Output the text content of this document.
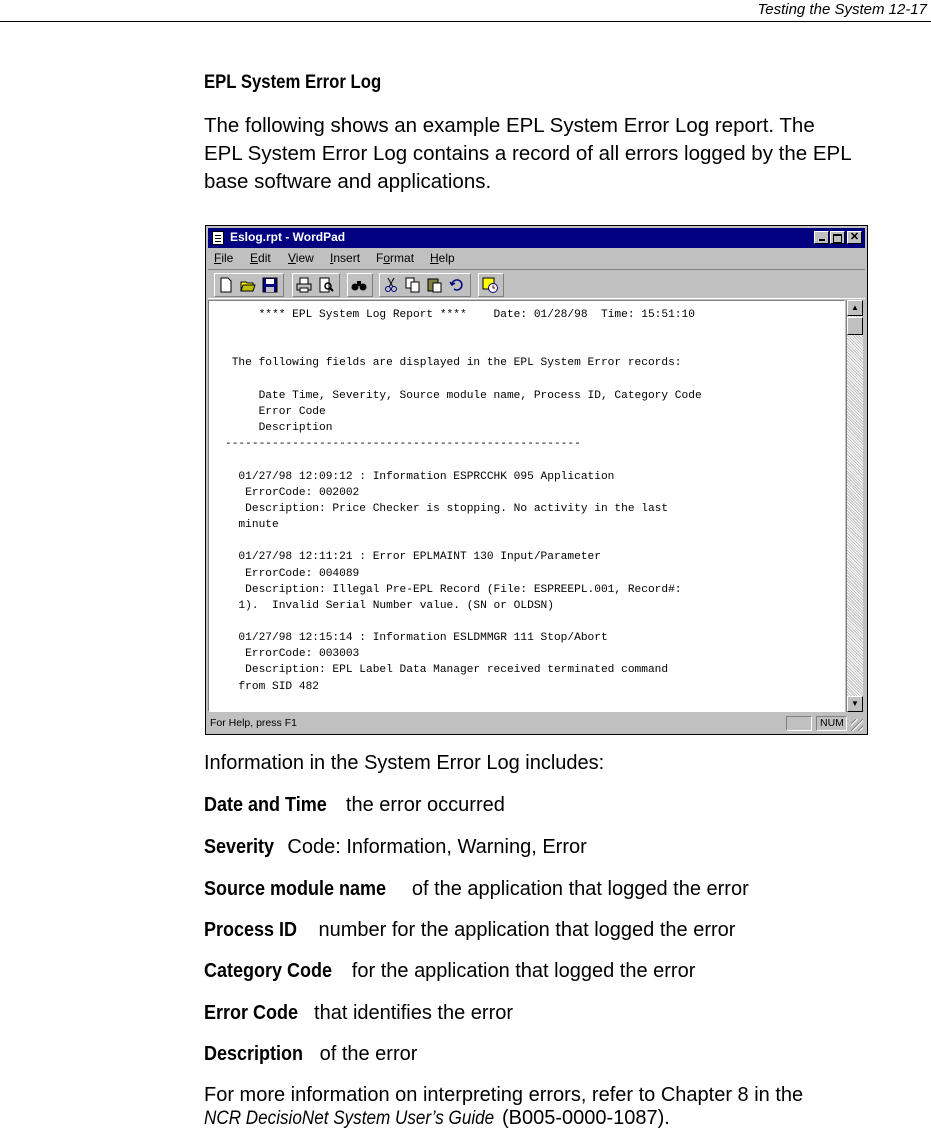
Testing the System 12-17
EPL System Error Log
The following shows an example EPL System Error Log report. The
EPL System Error Log contains a record of all errors logged by the EPL
base software and applications.
Eslog.rpt - WordPad	✕
File Edit View Insert Format Help
**** EPL System Log Report ****    Date: 01/28/98  Time: 15:51:10

The following fields are displayed in the EPL System Error records:

Date Time, Severity, Source module name, Process ID, Category Code
Error Code
Description
-----------------------------------------------------

01/27/98 12:09:12 : Information ESPRCCHK 095 Application
ErrorCode: 002002
Description: Price Checker is stopping. No activity in the last
minute

01/27/98 12:11:21 : Error EPLMAINT 130 Input/Parameter
ErrorCode: 004089
Description: Illegal Pre-EPL Record (File: ESPREEPL.001, Record#:
1).  Invalid Serial Number value. (SN or OLDSN)

01/27/98 12:15:14 : Information ESLDMMGR 111 Stop/Abort
ErrorCode: 003003
Description: EPL Label Data Manager received terminated command
from SID 482
▲
▼
For Help, press F1	NUM
Information in the System Error Log includes:
Date and Time the error occurred
Severity Code: Information, Warning, Error
Source module name of the application that logged the error
Process ID  number for the application that logged the error
Category Code for the application that logged the error
Error Code that identifies the error
Description of the error
For more information on interpreting errors, refer to Chapter 8 in the
NCR DecisioNet System User’s Guide (B005-0000-1087).
